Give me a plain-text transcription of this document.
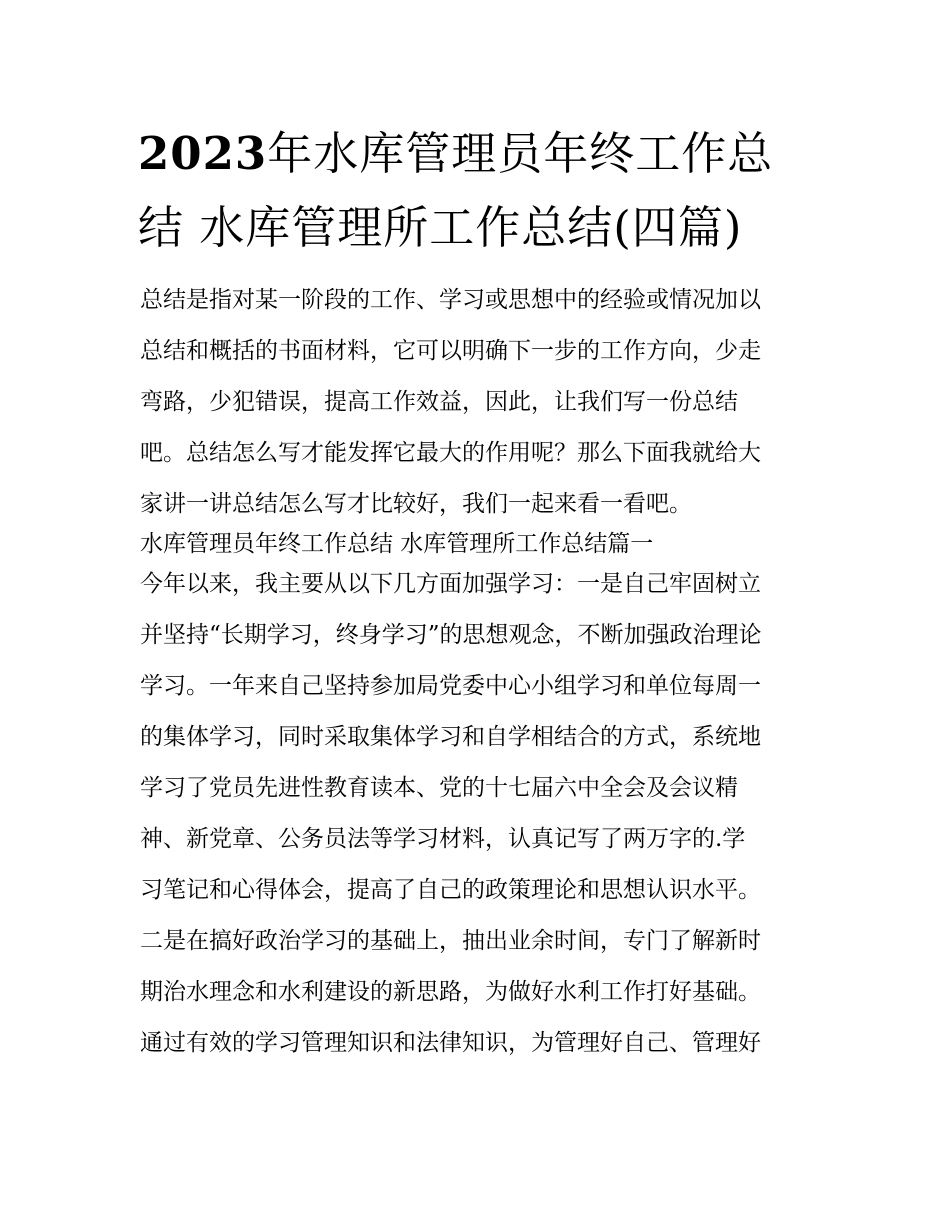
2023年水库管理员年终工作总
结 水库管理所工作总结(四篇)
总结是指对某一阶段的工作、学习或思想中的经验或情况加以
总结和概括的书面材料，它可以明确下一步的工作方向，少走
弯路，少犯错误，提高工作效益，因此，让我们写一份总结
吧。总结怎么写才能发挥它最大的作用呢？那么下面我就给大
家讲一讲总结怎么写才比较好，我们一起来看一看吧。
水库管理员年终工作总结 水库管理所工作总结篇一
今年以来，我主要从以下几方面加强学习：一是自己牢固树立
并坚持“长期学习，终身学习”的思想观念，不断加强政治理论
学习。一年来自己坚持参加局党委中心小组学习和单位每周一
的集体学习，同时采取集体学习和自学相结合的方式，系统地
学习了党员先进性教育读本、党的十七届六中全会及会议精
神、新党章、公务员法等学习材料，认真记写了两万字的.学
习笔记和心得体会，提高了自己的政策理论和思想认识水平。
二是在搞好政治学习的基础上，抽出业余时间，专门了解新时
期治水理念和水利建设的新思路，为做好水利工作打好基础。
通过有效的学习管理知识和法律知识，为管理好自己、管理好
